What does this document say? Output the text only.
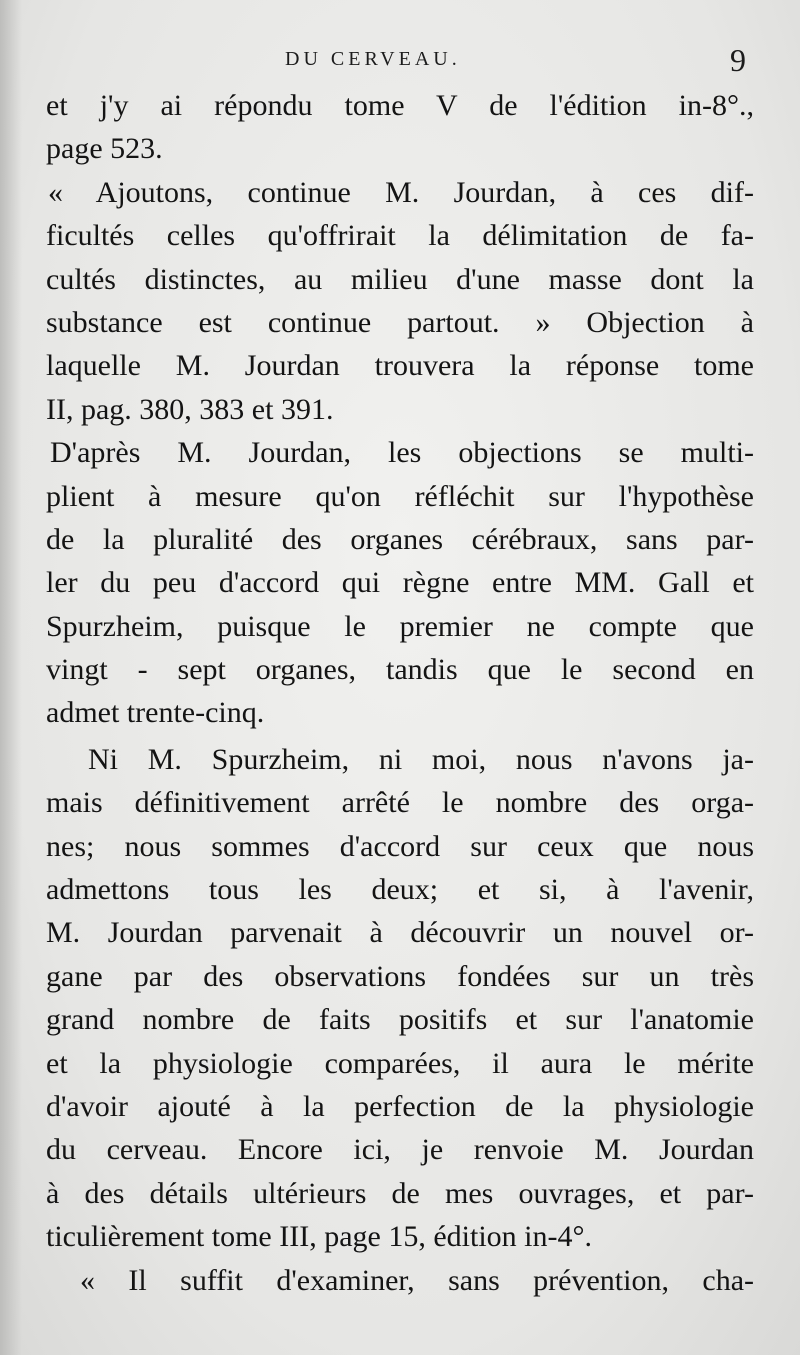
DU CERVEAU.	9
et j'y ai répondu tome V de l'édition in-8°.,
page 523.
« Ajoutons, continue M. Jourdan, à ces dif-
ficultés celles qu'offrirait la délimitation de fa-
cultés distinctes, au milieu d'une masse dont la
substance est continue partout. » Objection à
laquelle M. Jourdan trouvera la réponse tome
II, pag. 380, 383 et 391.
D'après M. Jourdan, les objections se multi-
plient à mesure qu'on réfléchit sur l'hypothèse
de la pluralité des organes cérébraux, sans par-
ler du peu d'accord qui règne entre MM. Gall et
Spurzheim, puisque le premier ne compte que
vingt - sept organes, tandis que le second en
admet trente-cinq.
Ni M. Spurzheim, ni moi, nous n'avons ja-
mais définitivement arrêté le nombre des orga-
nes; nous sommes d'accord sur ceux que nous
admettons tous les deux; et si, à l'avenir,
M. Jourdan parvenait à découvrir un nouvel or-
gane par des observations fondées sur un très
grand nombre de faits positifs et sur l'anatomie
et la physiologie comparées, il aura le mérite
d'avoir ajouté à la perfection de la physiologie
du cerveau. Encore ici, je renvoie M. Jourdan
à des détails ultérieurs de mes ouvrages, et par-
ticulièrement tome III, page 15, édition in-4°.
« Il suffit d'examiner, sans prévention, cha-
